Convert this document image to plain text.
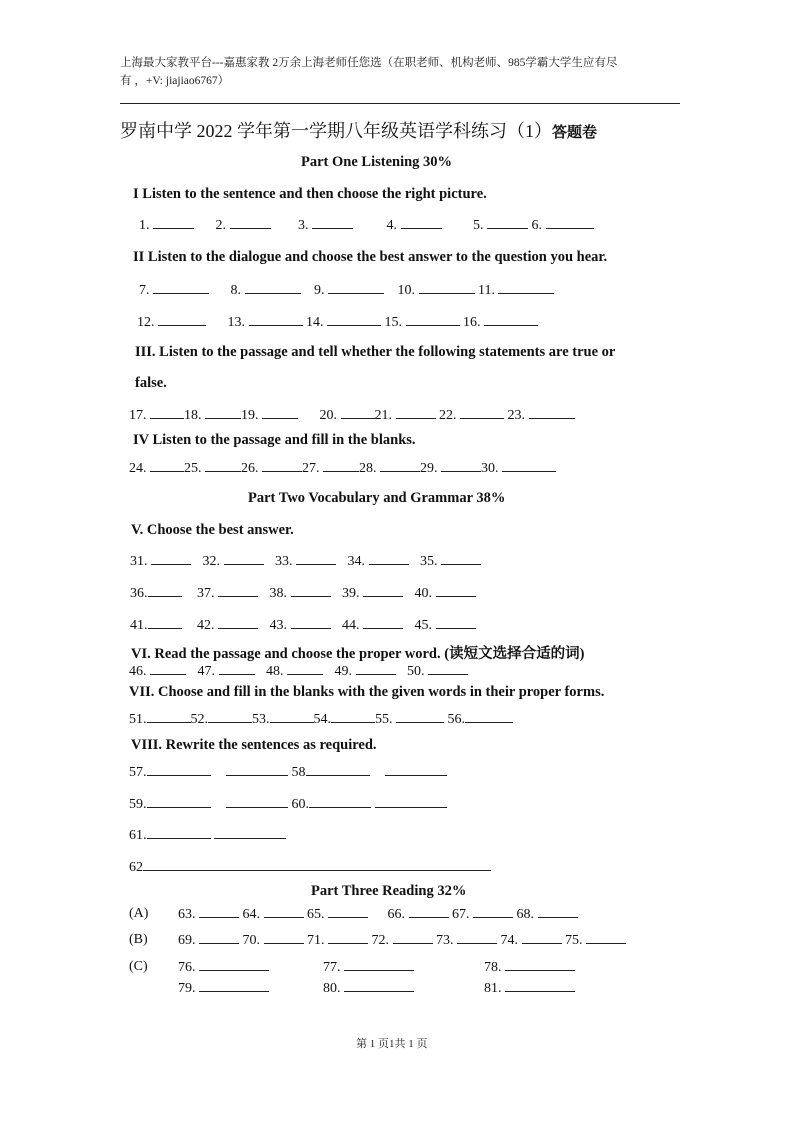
上海最大家教平台---嘉惠家教 2万余上海老师任您选（在职老师、机构老师、985学霸大学生应有尽
有 ，+V: jiajiao6767）
罗南中学 2022 学年第一学期八年级英语学科练习（1）答题卷
Part One Listening 30%
I Listen to the sentence and then choose the right picture.
1.	2.	3.	4.	5.	6.
II Listen to the dialogue and choose the best answer to the question you hear.
7.	8.	9.	10.	11.
12.	13.	14.	15.	16.
III. Listen to the passage and tell whether the following statements are true or
false.
17.	18.	19.	20.	21.	22.	23.
IV Listen to the passage and fill in the blanks.
24.	25.	26.	27.	28.	29.	30.
Part Two Vocabulary and Grammar 38%
V. Choose the best answer.
31.	32.	33.	34.	35.
36.	37.	38.	39.	40.
41.	42.	43.	44.	45.
VI. Read the passage and choose the proper word. (读短文选择合适的词)
46.	47.	48.	49.	50.
VII. Choose and fill in the blanks with the given words in their proper forms.
51.	52.	53.	54.	55.	56.
VIII. Rewrite the sentences as required.
57.	58
59.	60.
61.
62
Part Three Reading 32%
(A) 63.	64.	65.	66.	67.	68.
(B) 69.	70.	71.	72.	73.	74.	75.
(C) 76.	77.	78.
79.	80.	81.
第 1 页1共 1 页
